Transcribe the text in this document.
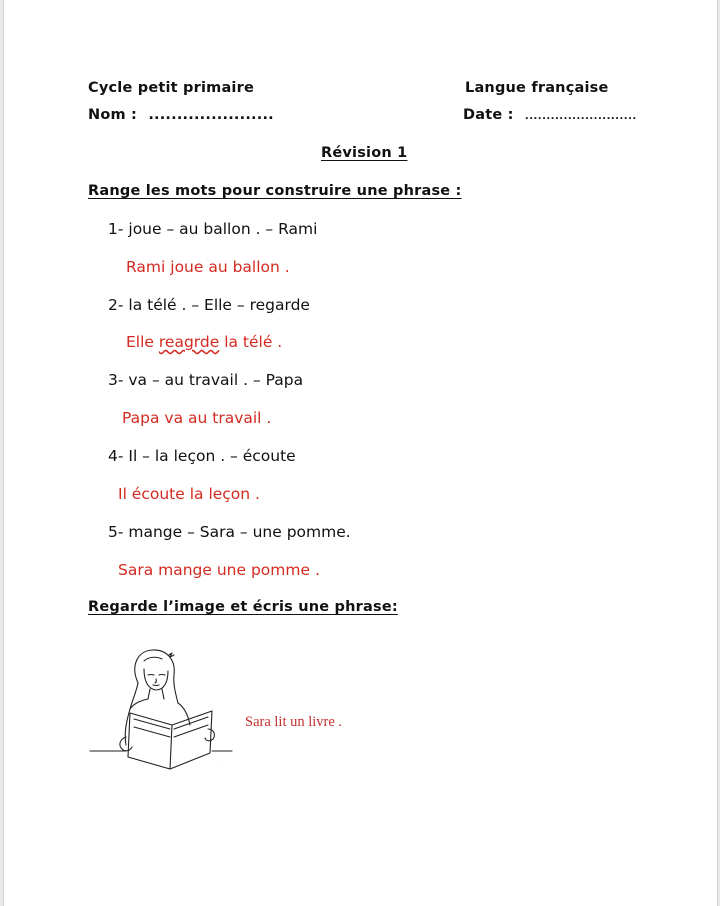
Cycle petit primaire	Langue française
Nom : ......................	Date : ..........................
Révision 1
Range les mots pour construire une phrase :
1- joue – au ballon . – Rami
Rami joue au ballon .
2- la télé . – Elle – regarde
Elle reagrde la télé .
3- va – au travail . – Papa
Papa va au travail .
4- Il – la leçon . – écoute
Il écoute la leçon .
5- mange – Sara – une pomme.
Sara mange une pomme .
Regarde l’image et écris une phrase:
.
Sara lit un livre .
